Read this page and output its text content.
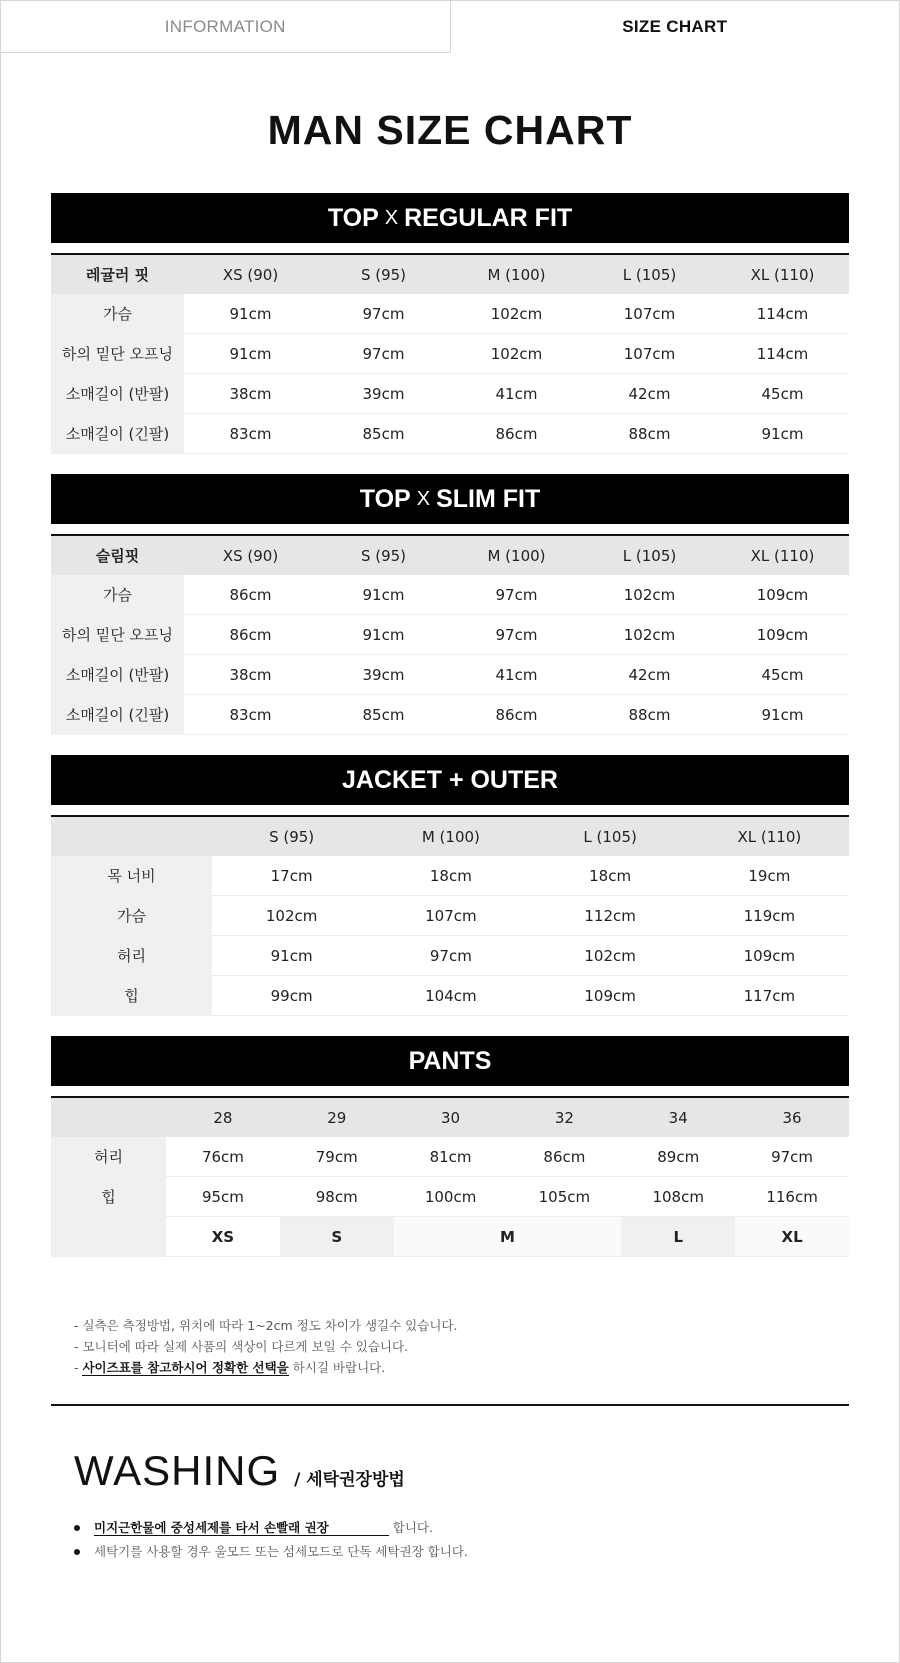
INFORMATION	SIZE CHART
MAN SIZE CHART
TOP X REGULAR FIT
레귤러 핏	XS (90)	S (95)	M (100)	L (105)	XL (110)
가슴	91cm	97cm	102cm	107cm	114cm
하의 밑단 오프닝	91cm	97cm	102cm	107cm	114cm
소매길이 (반팔)	38cm	39cm	41cm	42cm	45cm
소매길이 (긴팔)	83cm	85cm	86cm	88cm	91cm
TOP X SLIM FIT
슬림핏	XS (90)	S (95)	M (100)	L (105)	XL (110)
가슴	86cm	91cm	97cm	102cm	109cm
하의 밑단 오프닝	86cm	91cm	97cm	102cm	109cm
소매길이 (반팔)	38cm	39cm	41cm	42cm	45cm
소매길이 (긴팔)	83cm	85cm	86cm	88cm	91cm
JACKET + OUTER
	S (95)	M (100)	L (105)	XL (110)
목 너비	17cm	18cm	18cm	19cm
가슴	102cm	107cm	112cm	119cm
허리	91cm	97cm	102cm	109cm
힙	99cm	104cm	109cm	117cm
PANTS
	28	29	30	32	34	36
허리	76cm	79cm	81cm	86cm	89cm	97cm
힙	95cm	98cm	100cm	105cm	108cm	116cm
	XS	S	M		L	XL
- 실측은 측정방법, 위치에 따라 1~2cm 정도 차이가 생길수 있습니다.
- 모니터에 따라 실제 사품의 색상이 다르게 보일 수 있습니다.
- 사이즈표를 참고하시어 정확한 선택을 하시길 바랍니다.
WASHING / 세탁권장방법
미지근한물에 중성세제를 타서 손빨래 권장	합니다.
세탁기를 사용할 경우 울모드 또는 섬세모드로 단독 세탁권장 합니다.
